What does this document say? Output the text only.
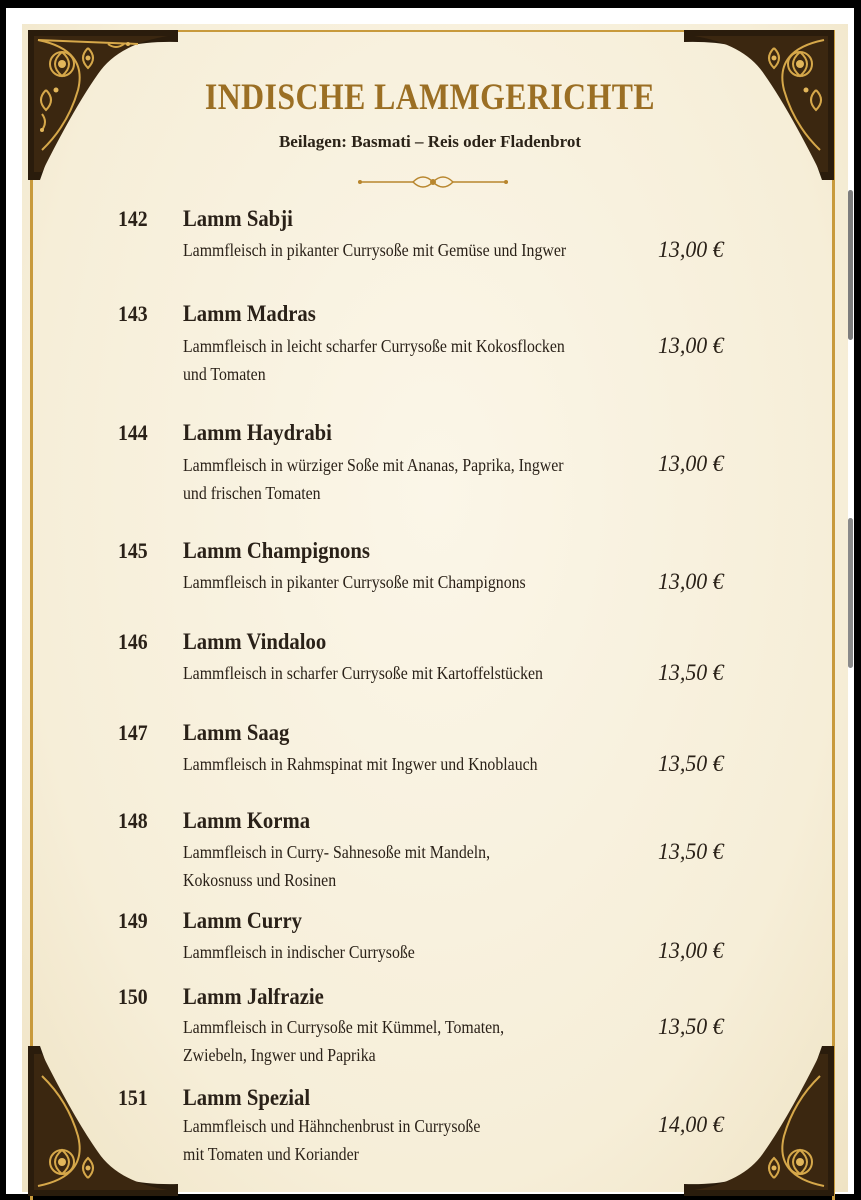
INDISCHE LAMMGERICHTE
Beilagen: Basmati – Reis oder Fladenbrot
142 Lamm Sabji
Lammfleisch in pikanter Currysoße mit Gemüse und Ingwer	13,00 €
143 Lamm Madras
Lammfleisch in leicht scharfer Currysoße mit Kokosflocken
und Tomaten
13,00 €
144 Lamm Haydrabi
Lammfleisch in würziger Soße mit Ananas, Paprika, Ingwer
und frischen Tomaten
13,00 €
145 Lamm Champignons
Lammfleisch in pikanter Currysoße mit Champignons	13,00 €
146 Lamm Vindaloo
Lammfleisch in scharfer Currysoße mit Kartoffelstücken	13,50 €
147 Lamm Saag
Lammfleisch in Rahmspinat mit Ingwer und Knoblauch	13,50 €
148 Lamm Korma
Lammfleisch in Curry- Sahnesoße mit Mandeln,
Kokosnuss und Rosinen
13,50 €
149 Lamm Curry
Lammfleisch in indischer Currysoße	13,00 €
150 Lamm Jalfrazie
Lammfleisch in Currysoße mit Kümmel, Tomaten,
Zwiebeln, Ingwer und Paprika
13,50 €
151 Lamm Spezial
Lammfleisch und Hähnchenbrust in Currysoße
mit Tomaten und Koriander
14,00 €
